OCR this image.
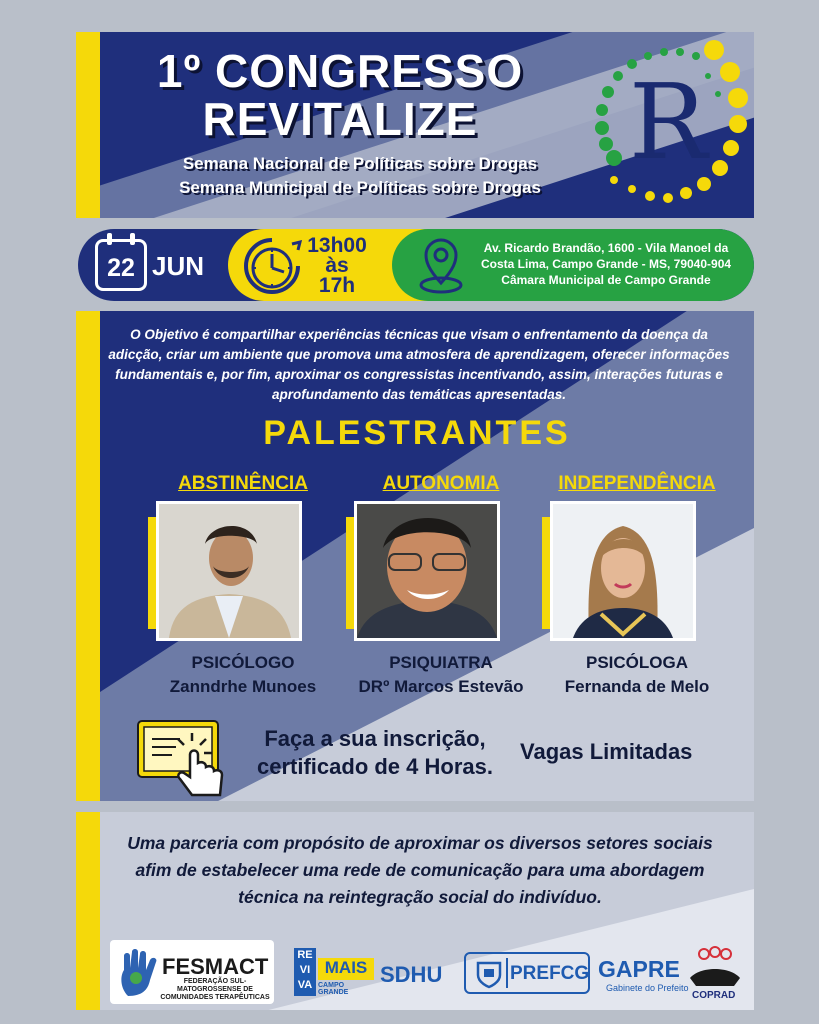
1º CONGRESSO
REVITALIZE
Semana Nacional de Políticas sobre Drogas
Semana Municipal de Políticas sobre Drogas
R
22 JUN
13h00
às
17h
Av. Ricardo Brandão, 1600 - Vila Manoel da
Costa Lima, Campo Grande - MS, 79040-904
Câmara Municipal de Campo Grande
O Objetivo é compartilhar experiências técnicas que visam o enfrentamento da doença da adicção, criar um ambiente que promova uma atmosfera de aprendizagem, oferecer informações fundamentais e, por fim, aproximar os congressistas incentivando, assim, interações futuras e aprofundamento das temáticas apresentadas.
PALESTRANTES
ABSTINÊNCIA
PSICÓLOGO
Zanndrhe Munoes
AUTONOMIA
PSIQUIATRA
DRº Marcos Estevão
INDEPENDÊNCIA
PSICÓLOGA
Fernanda de Melo
Faça a sua inscrição,
certificado de 4 Horas.
Vagas Limitadas
Uma parceria com propósito de aproximar os diversos setores sociais afim de estabelecer uma rede de comunicação para uma abordagem técnica na reintegração social do indivíduo.
FESMACT
FEDERAÇÃO SUL-MATOGROSSENSE DE COMUNIDADES TERAPÊUTICAS
RE
VI
VA
MAIS
CAMPO GRANDE
SDHU	PREFCG GAPRE
Gabinete do Prefeito
COPRAD
